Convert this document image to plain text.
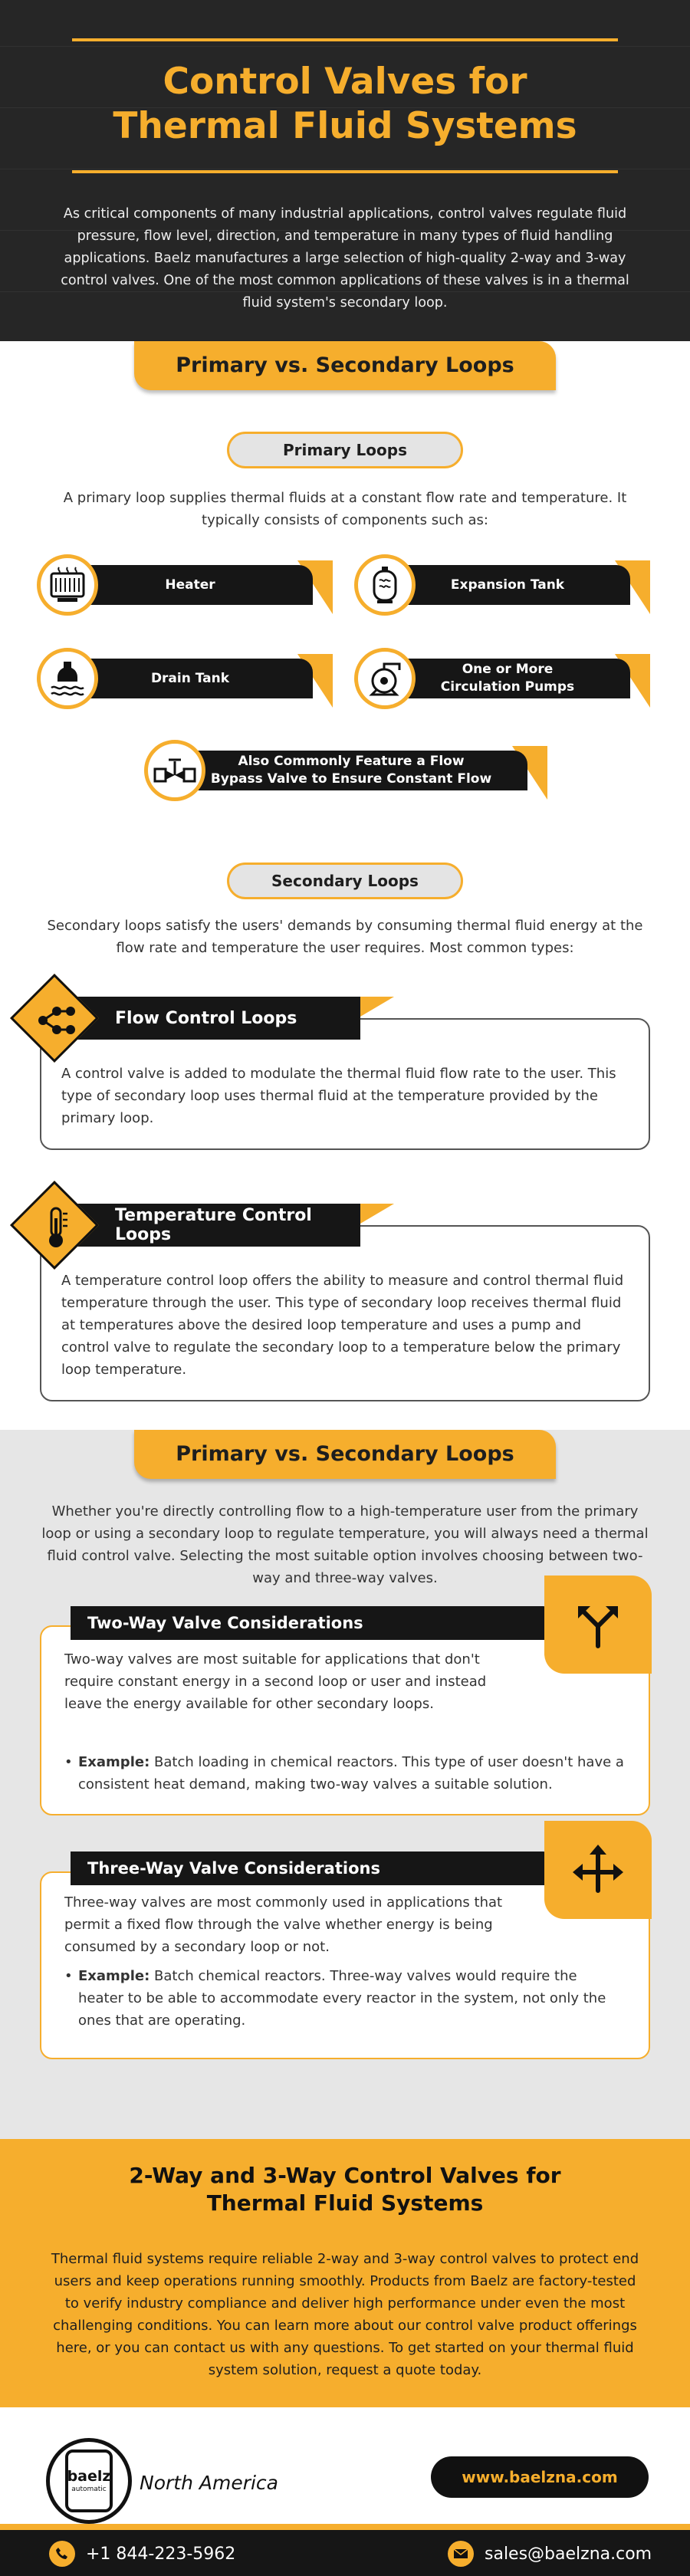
Control Valves for
Thermal Fluid Systems

As critical components of many industrial applications, control valves regulate fluid pressure, flow level, direction, and temperature in many types of fluid handling applications. Baelz manufactures a large selection of high-quality 2-way and 3-way control valves. One of the most common applications of these valves is in a thermal fluid system's secondary loop.

Primary vs. Secondary Loops
Primary Loops

A primary loop supplies thermal fluids at a constant flow rate and temperature. It typically consists of components such as:

Heater	Expansion Tank
Drain Tank
One or More
Circulation Pumps
Also Commonly Feature a Flow
Bypass Valve to Ensure Constant Flow
Secondary Loops

Secondary loops satisfy the users' demands by consuming thermal fluid energy at the flow rate and temperature the user requires. Most common types:

A control valve is added to modulate the thermal fluid flow rate to the user. This type of secondary loop uses thermal fluid at the temperature provided by the primary loop.

Flow Control Loops

A temperature control loop offers the ability to measure and control thermal fluid temperature through the user. This type of secondary loop receives thermal fluid at temperatures above the desired loop temperature and uses a pump and control valve to regulate the secondary loop to a temperature below the primary loop temperature.

Temperature Control Loops
Primary vs. Secondary Loops

Whether you're directly controlling flow to a high-temperature user from the primary loop or using a secondary loop to regulate temperature, you will always need a thermal fluid control valve. Selecting the most suitable option involves choosing between two-way and three-way valves.

Two-way valves are most suitable for applications that don't require constant energy in a second loop or user and instead leave the energy available for other secondary loops.

• Example: Batch loading in chemical reactors. This type of user doesn't have a consistent heat demand, making two-way valves a suitable solution.
Two-Way Valve Considerations

Three-way valves are most commonly used in applications that permit a fixed flow through the valve whether energy is being consumed by a secondary loop or not.

• Example: Batch chemical reactors. Three-way valves would require the heater to be able to accommodate every reactor in the system, not only the ones that are operating.
Three-Way Valve Considerations
2-Way and 3-Way Control Valves for
Thermal Fluid Systems

Thermal fluid systems require reliable 2-way and 3-way control valves to protect end users and keep operations running smoothly. Products from Baelz are factory-tested to verify industry compliance and deliver high performance under even the most challenging conditions. You can learn more about our control valve product offerings here, or you can contact us with any questions. To get started on your thermal fluid system solution, request a quote today.

baelz
automatic North America	www.baelzna.com
+1 844-223-5962	sales@baelzna.com
